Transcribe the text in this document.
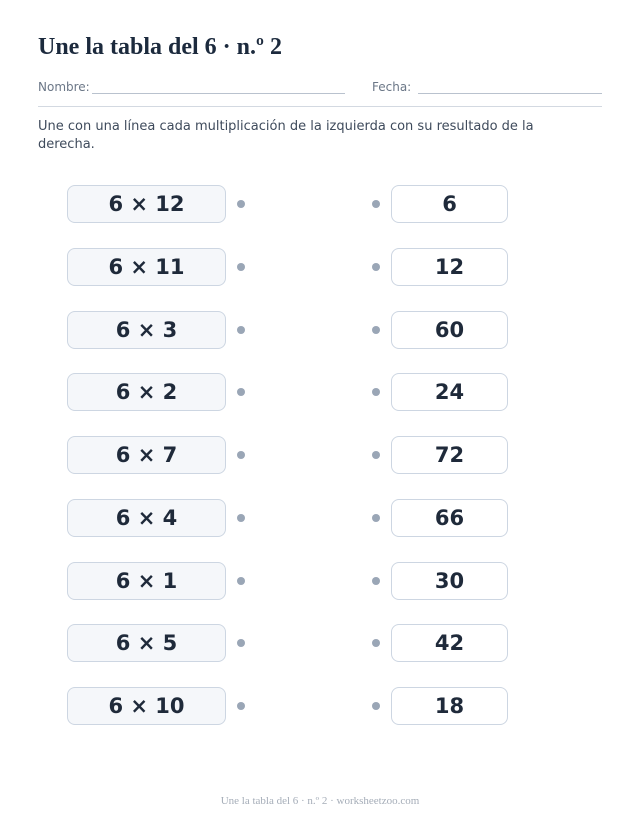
Une la tabla del 6 · n.º 2
Nombre:	Fecha:

Une con una línea cada multiplicación de la izquierda con su resultado de la derecha.

6 × 12	6
6 × 11	12
6 × 3	60
6 × 2	24
6 × 7	72
6 × 4	66
6 × 1	30
6 × 5	42
6 × 10	18
Une la tabla del 6 · n.º 2 · worksheetzoo.com
